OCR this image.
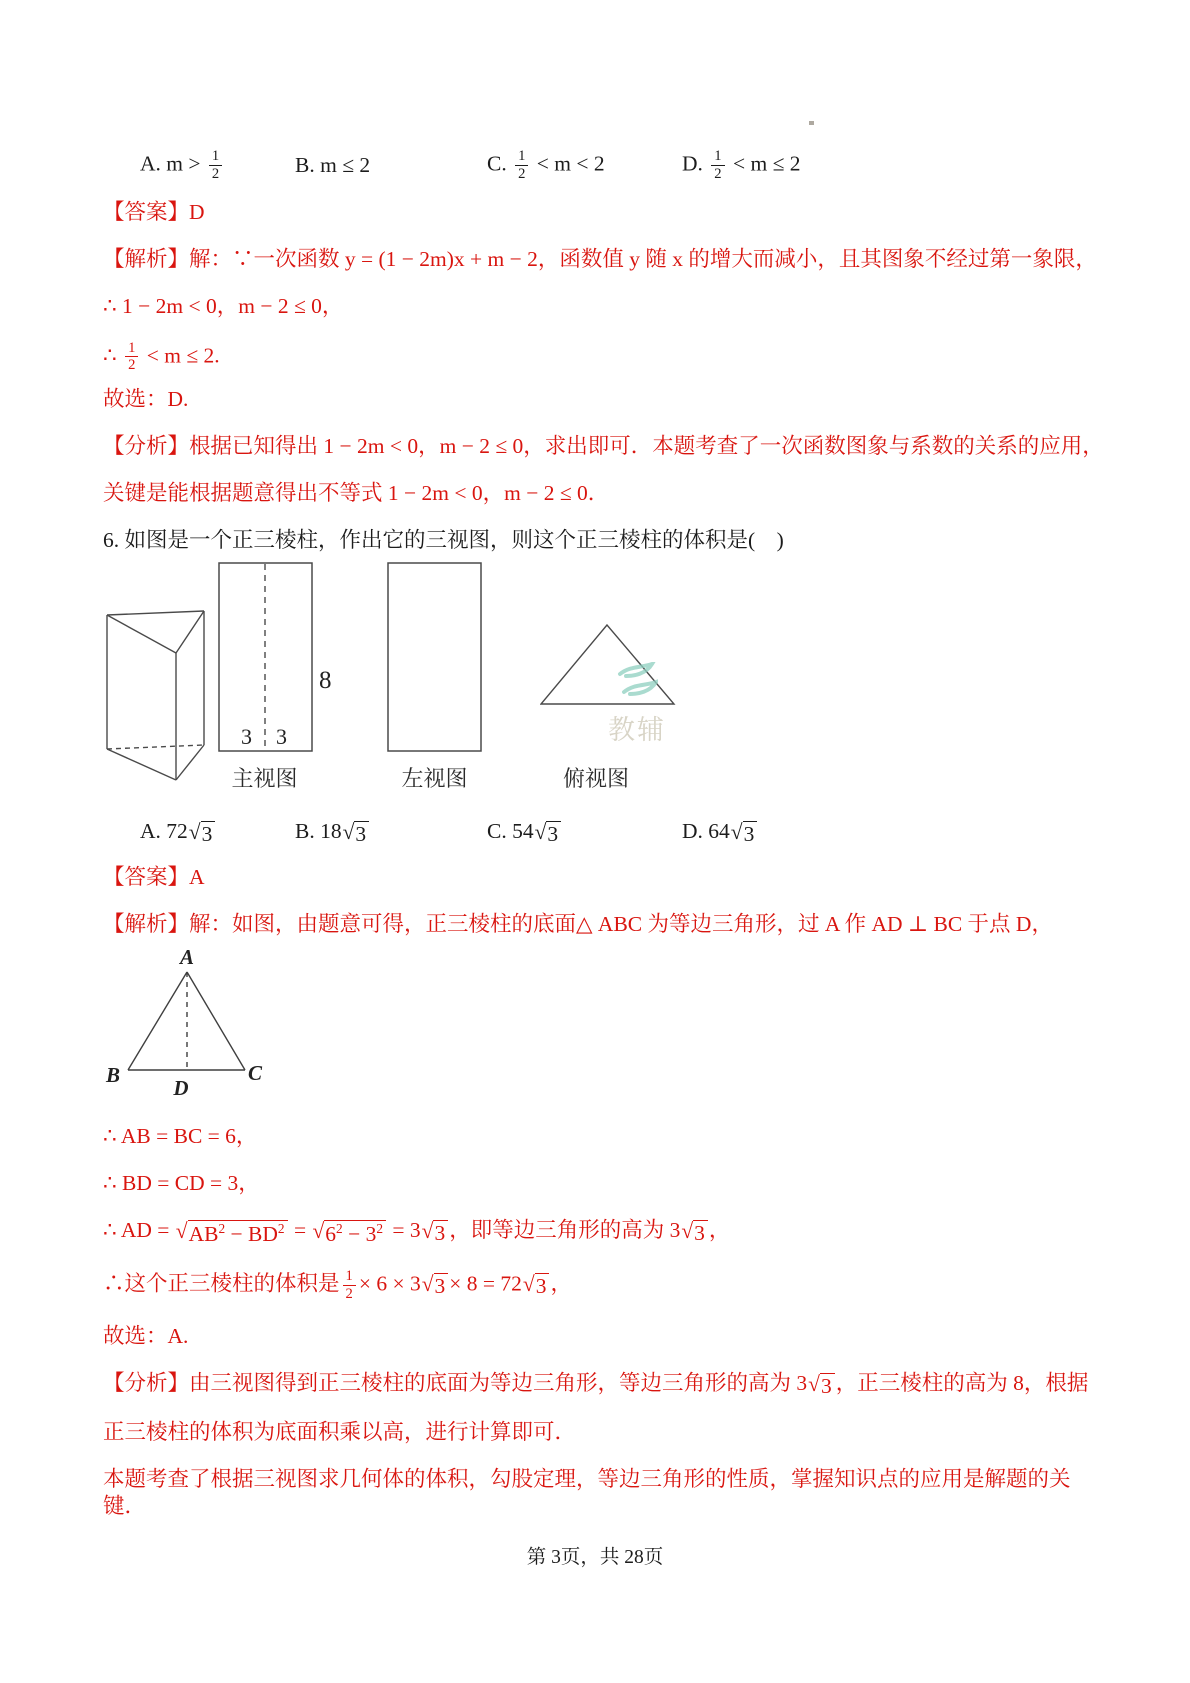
A. $m > \frac{1}{2}$	B. m ≤ 2	C. $\frac{1}{2} < m < 2$	D. $\frac{1}{2} < m \le 2$

【答案】D

【解析】解：∵一次函数 y = (1 − 2m)x + m − 2，函数值 y 随 x 的增大而减小，且其图象不经过第一象限，

∴ 1 − 2m < 0，m − 2 ≤ 0，

∴ $\frac{1}{2} < m \le 2$.

故选：D.

【分析】根据已知得出 1 − 2m < 0，m − 2 ≤ 0，求出即可．本题考查了一次函数图象与系数的关系的应用，

关键是能根据题意得出不等式 1 − 2m < 0，m − 2 ≤ 0．

6. 如图是一个正三棱柱，作出它的三视图，则这个正三棱柱的体积是(　)

8
3 3
主视图	左视图	俯视图
A. 72 √ 3	B. 18 √ 3	C. 54 √ 3	D. 64 √ 3

【答案】A

【解析】解：如图，由题意可得，正三棱柱的底面△ ABC 为等边三角形，过 A 作 AD ⊥ BC 于点 D，

A
B	C
D

∴ AB = BC = 6，

∴ BD = CD = 3，

∴ AD = √ $AB^2 - BD^2$ = √ $6^2 - 3^2 = 3$ √ 3 ，即等边三角形的高为 3 √ 3 ，

∴这个正三棱柱的体积是 $\frac{1}{2} \times 6 \times 3$ √ 3 × 8 = 72 √ 3 ，

故选：A.

【分析】由三视图得到正三棱柱的底面为等边三角形，等边三角形的高为 3 √ 3 ，正三棱柱的高为 8，根据

正三棱柱的体积为底面积乘以高，进行计算即可．

本题考查了根据三视图求几何体的体积，勾股定理，等边三角形的性质，掌握知识点的应用是解题的关键．

教辅
第 3页，共 28页
